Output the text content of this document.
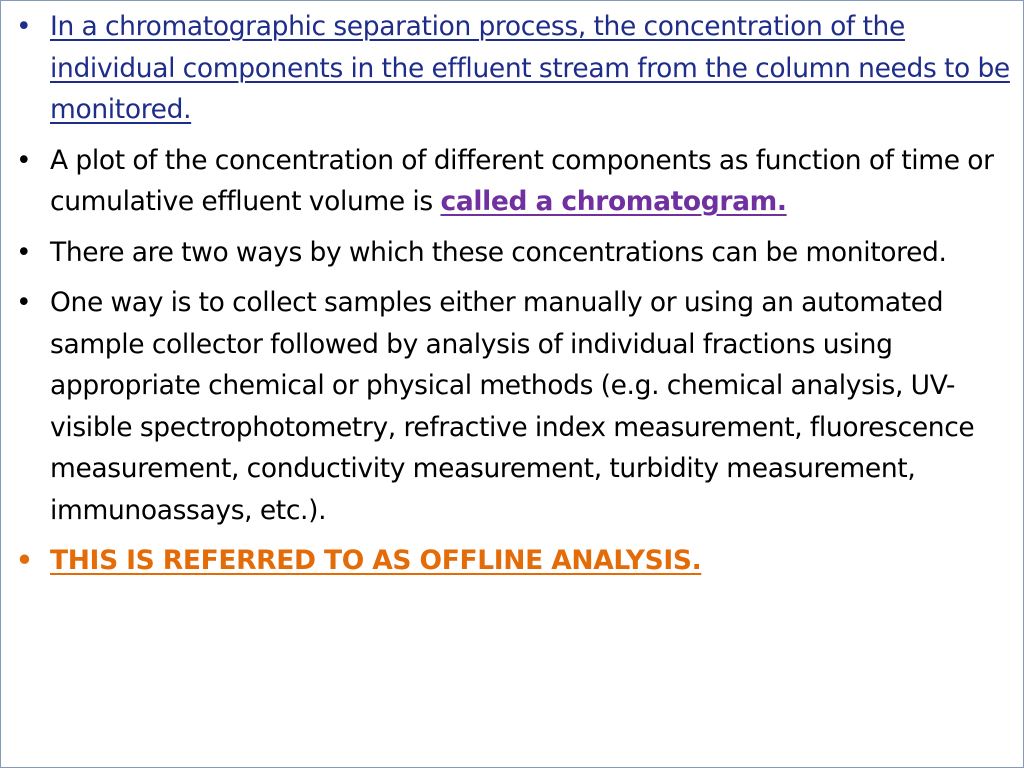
• In a chromatographic separation process, the concentration of the individual components in the effluent stream from the column needs to be monitored.
• A plot of the concentration of different components as function of time or cumulative effluent volume is called a chromatogram.
• There are two ways by which these concentrations can be monitored.
• One way is to collect samples either manually or using an automated sample collector followed by analysis of individual fractions using appropriate chemical or physical methods (e.g. chemical analysis, UV-visible spectrophotometry, refractive index measurement, fluorescence measurement, conductivity measurement, turbidity measurement, immunoassays, etc.).
• THIS IS REFERRED TO AS OFFLINE ANALYSIS.
